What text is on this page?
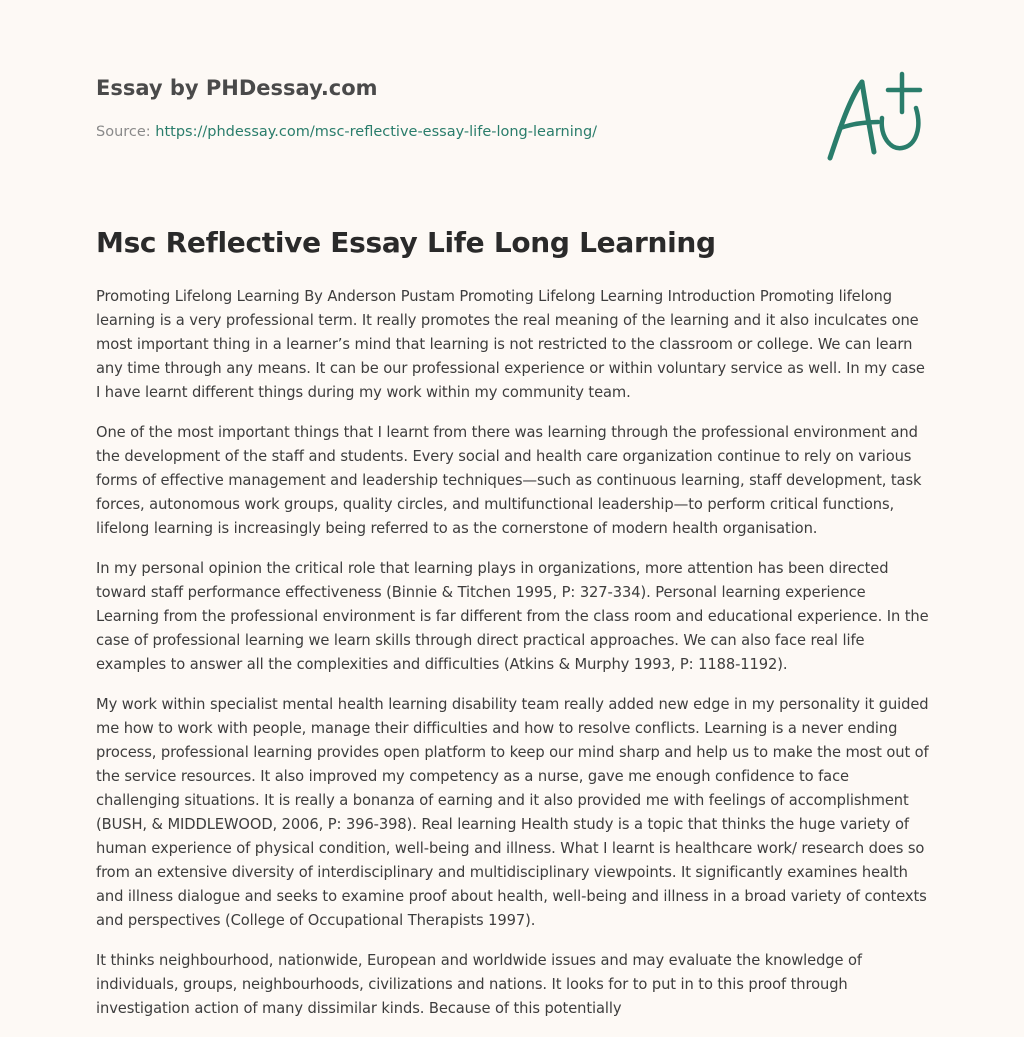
Essay by PHDessay.com
Source: https://phdessay.com/msc-reflective-essay-life-long-learning/
Msc Reflective Essay Life Long Learning

Promoting Lifelong Learning By Anderson Pustam Promoting Lifelong Learning Introduction Promoting lifelong learning is a very professional term. It really promotes the real meaning of the learning and it also inculcates one most important thing in a learner’s mind that learning is not restricted to the classroom or college. We can learn any time through any means. It can be our professional experience or within voluntary service as well. In my case I have learnt different things during my work within my community team.

One of the most important things that I learnt from there was learning through the professional environment and the development of the staff and students. Every social and health care organization continue to rely on various forms of effective management and leadership techniques—such as continuous learning, staff development, task forces, autonomous work groups, quality circles, and multifunctional leadership—to perform critical functions, lifelong learning is increasingly being referred to as the cornerstone of modern health organisation.

In my personal opinion the critical role that learning plays in organizations, more attention has been directed toward staff performance effectiveness (Binnie & Titchen 1995, P: 327-334). Personal learning experience Learning from the professional environment is far different from the class room and educational experience. In the case of professional learning we learn skills through direct practical approaches. We can also face real life examples to answer all the complexities and difficulties (Atkins & Murphy 1993, P: 1188-1192).

My work within specialist mental health learning disability team really added new edge in my personality it guided me how to work with people, manage their difficulties and how to resolve conflicts. Learning is a never ending process, professional learning provides open platform to keep our mind sharp and help us to make the most out of the service resources. It also improved my competency as a nurse, gave me enough confidence to face challenging situations. It is really a bonanza of earning and it also provided me with feelings of accomplishment (BUSH, & MIDDLEWOOD, 2006, P: 396-398). Real learning Health study is a topic that thinks the huge variety of human experience of physical condition, well-being and illness. What I learnt is healthcare work/ research does so from an extensive diversity of interdisciplinary and multidisciplinary viewpoints. It significantly examines health and illness dialogue and seeks to examine proof about health, well-being and illness in a broad variety of contexts and perspectives (College of Occupational Therapists 1997).

It thinks neighbourhood, nationwide, European and worldwide issues and may evaluate the knowledge of individuals, groups, neighbourhoods, civilizations and nations. It looks for to put in to this proof through investigation action of many dissimilar kinds. Because of this potentially
